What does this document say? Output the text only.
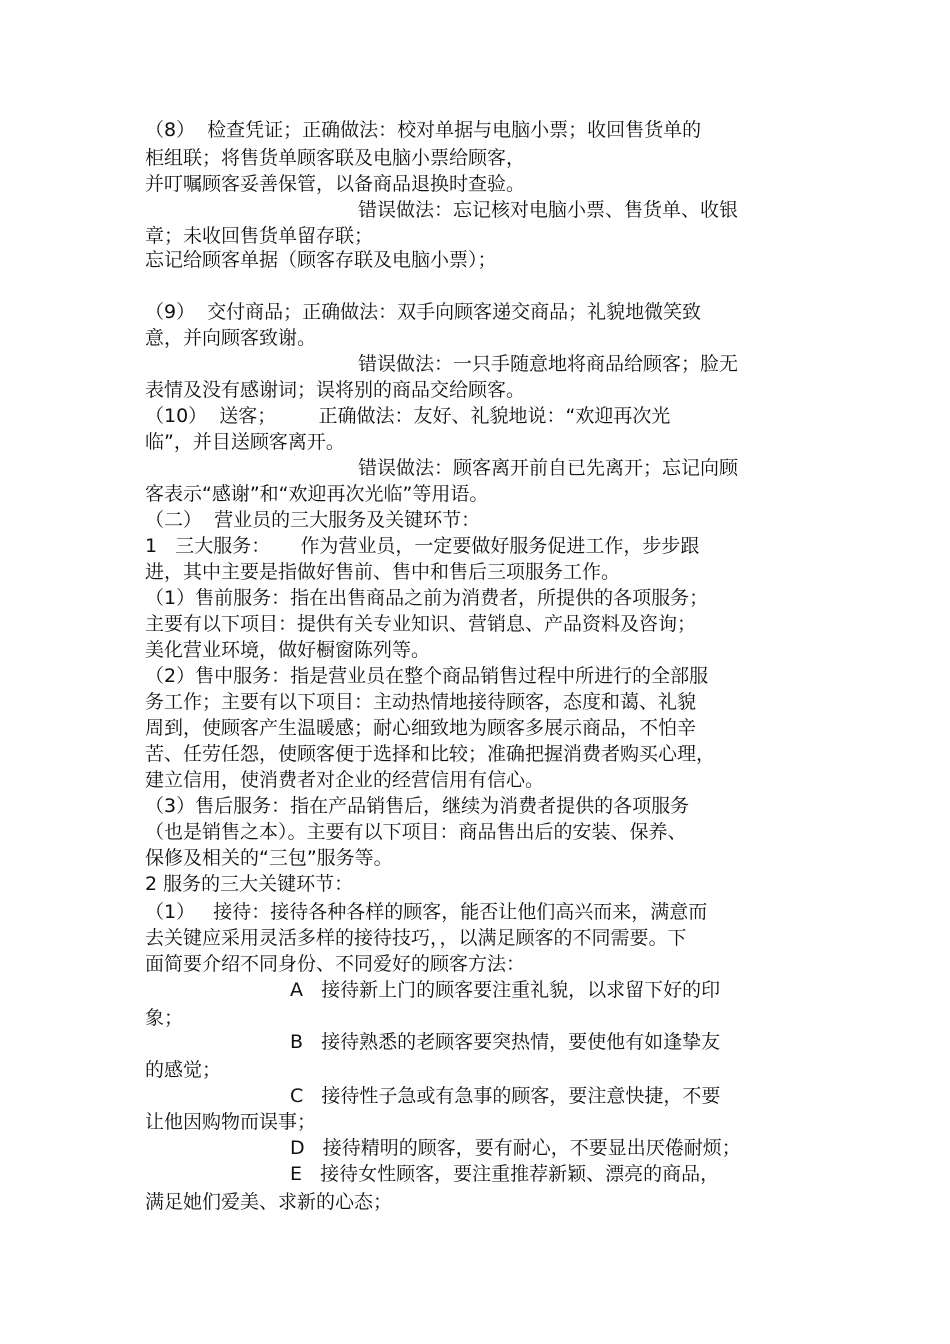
（8）  检查凭证；正确做法：校对单据与电脑小票；收回售货单的
柜组联；将售货单顾客联及电脑小票给顾客，
并叮嘱顾客妥善保管，以备商品退换时查验。
错误做法：忘记核对电脑小票、售货单、收银
章；未收回售货单留存联；
忘记给顾客单据（顾客存联及电脑小票）；
（9）  交付商品；正确做法：双手向顾客递交商品；礼貌地微笑致
意，并向顾客致谢。
错误做法：一只手随意地将商品给顾客；脸无
表情及没有感谢词；误将别的商品交给顾客。
（10）  送客；       正确做法：友好、礼貌地说：“欢迎再次光
临”，并目送顾客离开。
错误做法：顾客离开前自已先离开；忘记向顾
客表示“感谢”和“欢迎再次光临”等用语。
（二）  营业员的三大服务及关键环节：
1   三大服务：     作为营业员，一定要做好服务促进工作，步步跟
进，其中主要是指做好售前、售中和售后三项服务工作。
（1）售前服务：指在出售商品之前为消费者，所提供的各项服务；
主要有以下项目：提供有关专业知识、营销息、产品资料及咨询；
美化营业环境，做好橱窗陈列等。
（2）售中服务：指是营业员在整个商品销售过程中所进行的全部服
务工作；主要有以下项目：主动热情地接待顾客，态度和蔼、礼貌
周到，使顾客产生温暖感；耐心细致地为顾客多展示商品，不怕辛
苦、任劳任怨，使顾客便于选择和比较；准确把握消费者购买心理，
建立信用，使消费者对企业的经营信用有信心。
（3）售后服务：指在产品销售后，继续为消费者提供的各项服务
（也是销售之本）。主要有以下项目：商品售出后的安装、保养、
保修及相关的“三包”服务等。
2 服务的三大关键环节：
（1）   接待：接待各种各样的顾客，能否让他们高兴而来，满意而
去关键应采用灵活多样的接待技巧，，以满足顾客的不同需要。下
面简要介绍不同身份、不同爱好的顾客方法：
A   接待新上门的顾客要注重礼貌，以求留下好的印
象；
B   接待熟悉的老顾客要突热情，要使他有如逢挚友
的感觉；
C   接待性子急或有急事的顾客，要注意快捷，不要
让他因购物而误事；
D   接待精明的顾客，要有耐心，不要显出厌倦耐烦；
E   接待女性顾客，要注重推荐新颖、漂亮的商品，
满足她们爱美、求新的心态；
